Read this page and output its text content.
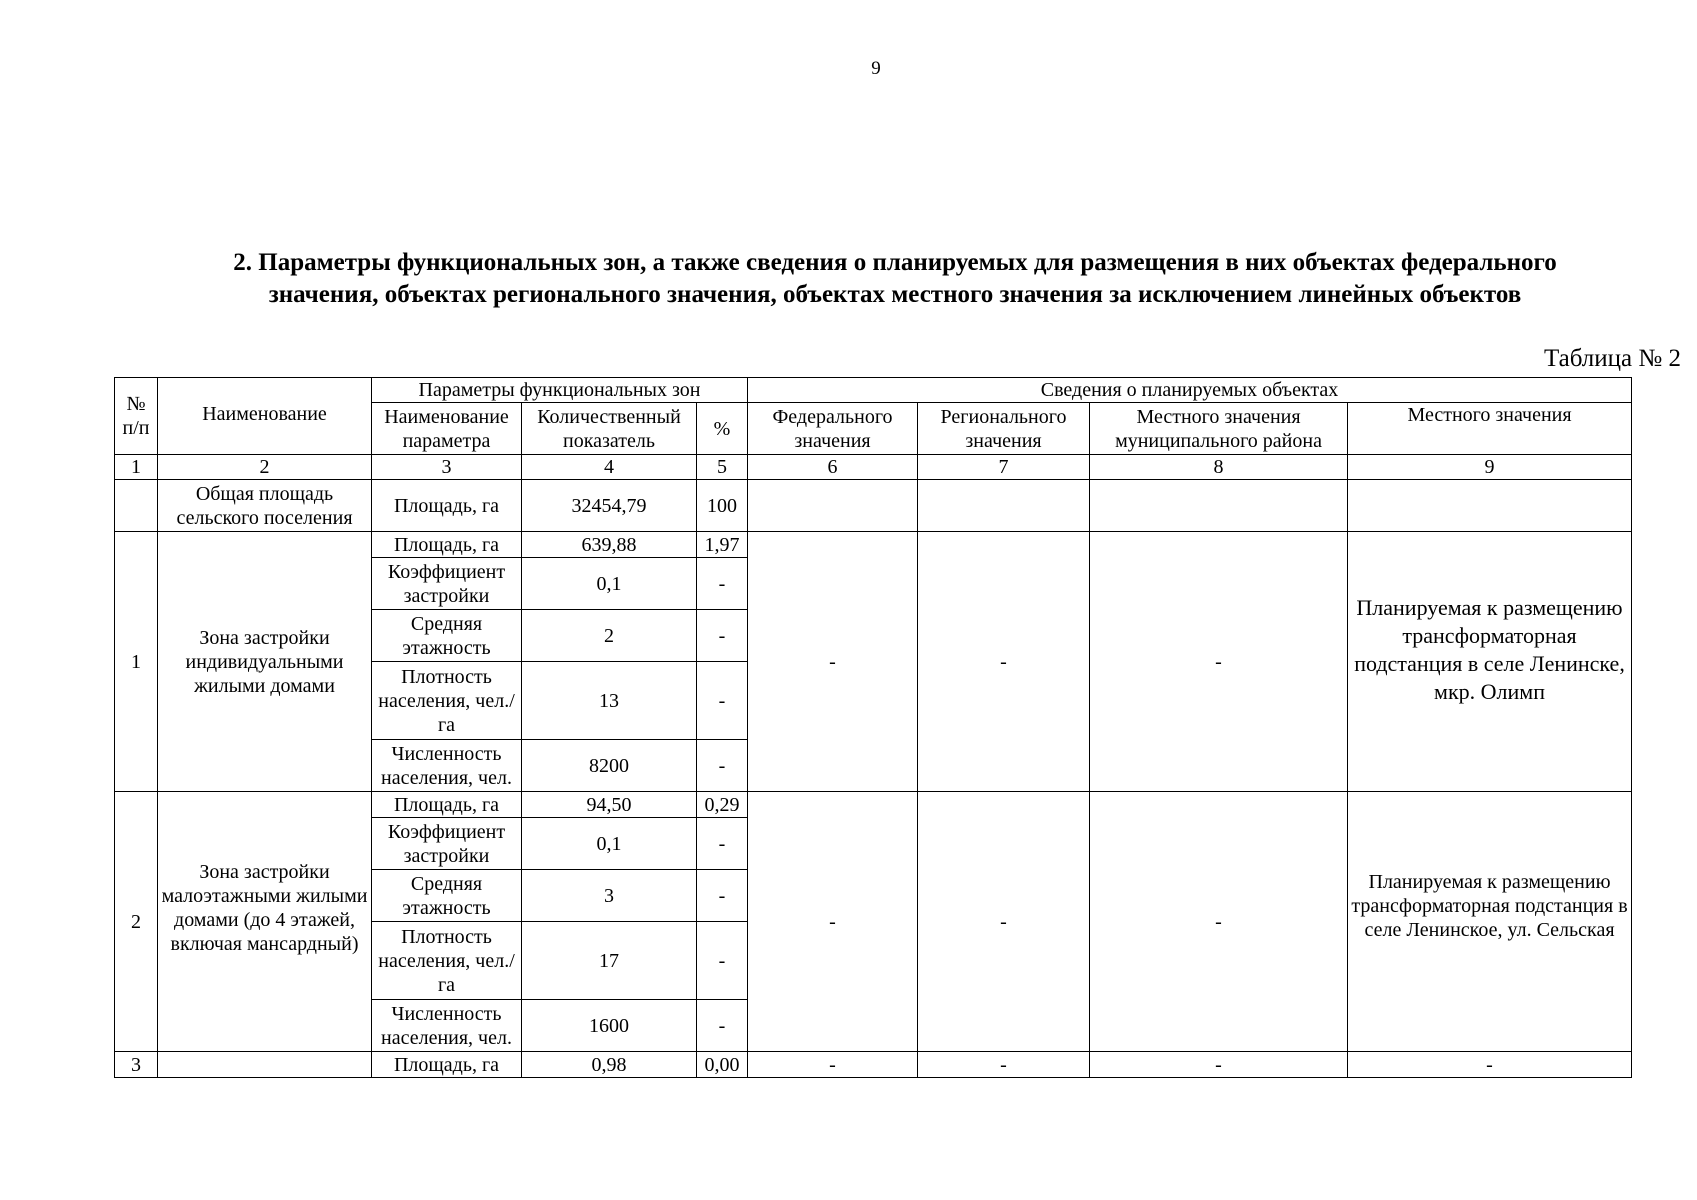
9
2. Параметры функциональных зон, а также сведения о планируемых для размещения в них объектах федерального
значения, объектах регионального значения, объектах местного значения за исключением линейных объектов
Таблица № 2
№ п/п	Наименование	Параметры функциональных зон			Сведения о планируемых объектах			
		Наименование параметра	Количественный показатель	%	Федерального значения	Регионального значения	Местного значения муниципального района	Местного значения
1	2	3	4	5	6	7	8	9
	Общая площадь сельского поселения	Площадь, га	32454,79	100				
1	Зона застройки индивидуальными жилыми домами	Площадь, га	639,88	1,97	-	-	-	Планируемая к размещению трансформаторная подстанция в селе Ленинске, мкр. Олимп
		Коэффициент застройки	0,1	-				
		Средняя этажность	2	-				
		Плотность населения, чел./га	13	-				
		Численность населения, чел.	8200	-				
2	Зона застройки малоэтажными жилыми домами (до 4 этажей, включая мансардный)	Площадь, га	94,50	0,29	-	-	-	Планируемая к размещению трансформаторная подстанция в селе Ленинское, ул. Сельская
		Коэффициент застройки	0,1	-				
		Средняя этажность	3	-				
		Плотность населения, чел./га	17	-				
		Численность населения, чел.	1600	-				
3		Площадь, га	0,98	0,00	-	-	-	-
